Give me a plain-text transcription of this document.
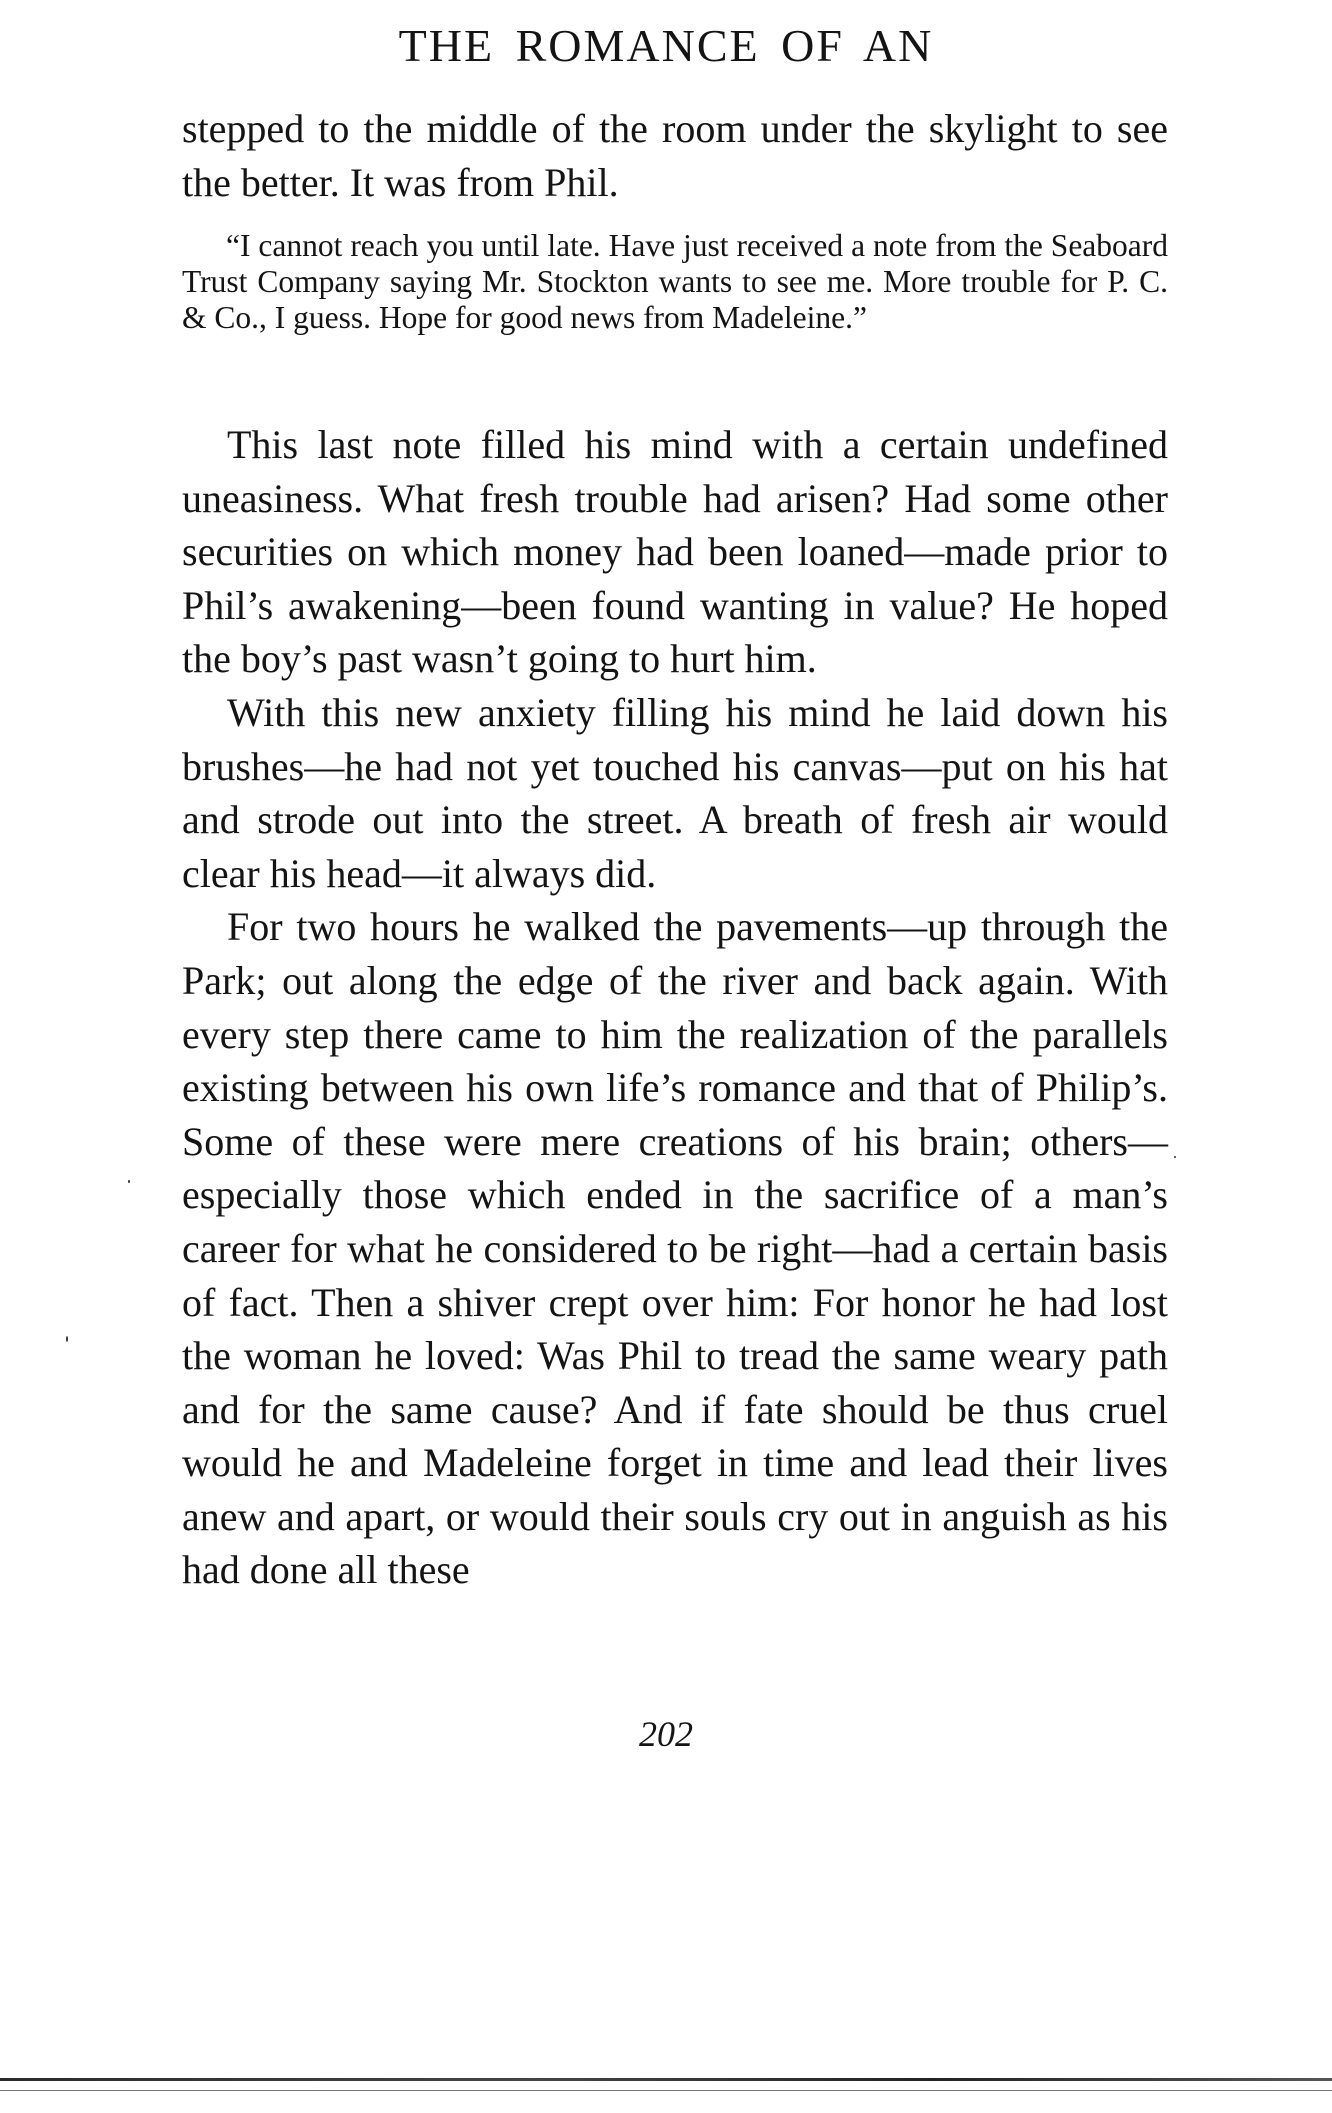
THE ROMANCE OF AN

stepped to the middle of the room under the skylight to see the better. It was from Phil.

“I cannot reach you until late. Have just received a note from the Seaboard Trust Company saying Mr. Stockton wants to see me. More trouble for P. C. & Co., I guess. Hope for good news from Madeleine.”

This last note filled his mind with a certain undefined uneasiness. What fresh trouble had arisen? Had some other securities on which money had been loaned—made prior to Phil’s awakening—been found wanting in value? He hoped the boy’s past wasn’t going to hurt him.

With this new anxiety filling his mind he laid down his brushes—he had not yet touched his canvas—put on his hat and strode out into the street. A breath of fresh air would clear his head—it always did.

For two hours he walked the pavements—up through the Park; out along the edge of the river and back again. With every step there came to him the realization of the parallels existing between his own life’s romance and that of Philip’s. Some of these were mere creations of his brain; others—especially those which ended in the sacrifice of a man’s career for what he considered to be right—had a certain basis of fact. Then a shiver crept over him: For honor he had lost the woman he loved: Was Phil to tread the same weary path and for the same cause? And if fate should be thus cruel would he and Madeleine forget in time and lead their lives anew and apart, or would their souls cry out in anguish as his had done all these

202
